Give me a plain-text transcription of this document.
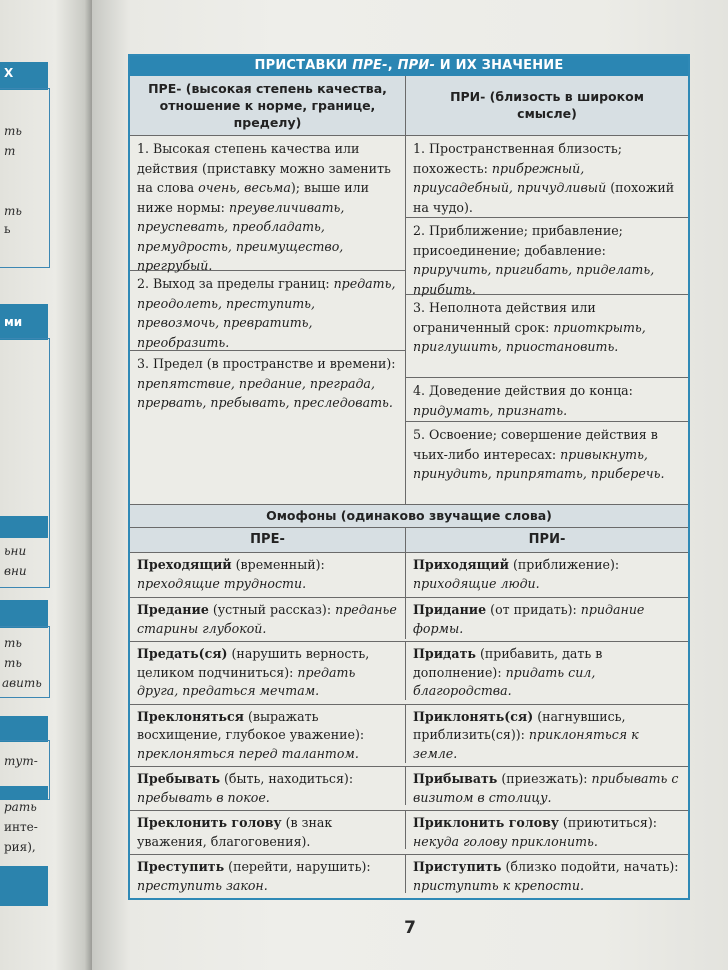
Х
ть
т
ть
ь
ми
ьни
вни
ть
ть
авить
тут-
рать
инте-
рия),
ПРИСТАВКИ ПРЕ-, ПРИ- И ИХ ЗНАЧЕНИЕ
ПРЕ- (высокая степень качества, отношение к норме, границе, пределу)
ПРИ- (близость в широком смысле)
1. Высокая степень качества или действия (приставку можно заменить на слова очень, весьма); выше или ниже нормы: преувеличивать, преуспевать, преобладать, премудрость, преимущество, прегрубый.
2. Выход за пределы границ: предать, преодолеть, преступить, превозмочь, превратить, преобразить.
3. Предел (в пространстве и времени): препятствие, предание, преграда, прервать, пребывать, преследовать.
1. Пространственная близость; похожесть: прибрежный, приусадебный, причудливый (похожий на чудо).
2. Приближение; прибавление; присоединение; добавление: приручить, пригибать, приделать, прибить.
3. Неполнота действия или ограниченный срок: приоткрыть, приглушить, приостановить.
4. Доведение действия до конца: придумать, признать.
5. Освоение; совершение действия в чьих-либо интересах: привыкнуть, принудить, припрятать, приберечь.
Омофоны (одинаково звучащие слова)
ПРЕ-	ПРИ-
Преходящий (временный): преходящие трудности.
Приходящий (приближение): приходящие люди.
Предание (устный рассказ): преданье старины глубокой.
Придание (от придать): придание формы.
Предать(ся) (нарушить верность, целиком подчиниться): предать друга, предаться мечтам.
Придать (прибавить, дать в дополнение): придать сил, благородства.
Преклоняться (выражать восхищение, глубокое уважение): преклоняться перед талантом.
Приклонять(ся) (нагнувшись, приблизить(ся)): приклоняться к земле.
Пребывать (быть, находиться): пребывать в покое.
Прибывать (приезжать): прибывать с визитом в столицу.
Преклонить голову (в знак уважения, благоговения).
Приклонить голову (приютиться): некуда голову приклонить.
Преступить (перейти, нарушить): преступить закон.
Приступить (близко подойти, начать): приступить к крепости.
7
